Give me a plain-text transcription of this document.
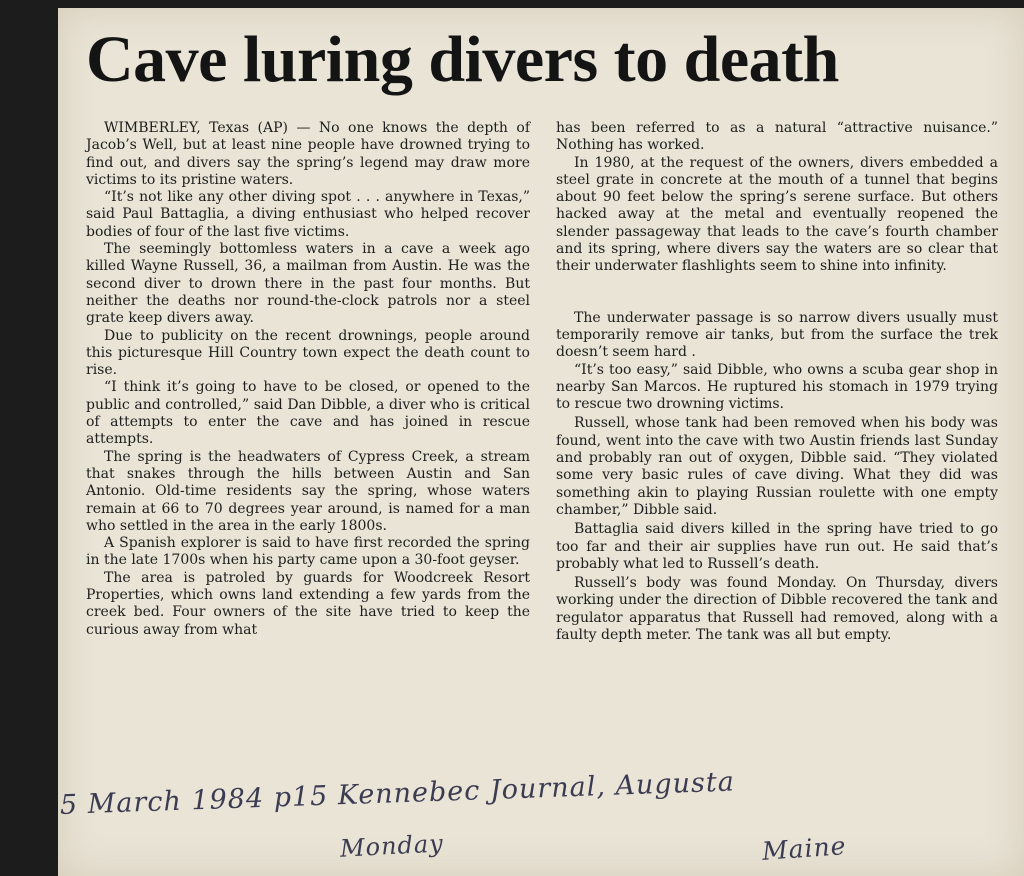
Cave luring divers to death

WIMBERLEY, Texas (AP) — No one knows the depth of Jacob’s Well, but at least nine people have drowned trying to find out, and divers say the spring’s legend may draw more victims to its pristine waters.

“It’s not like any other diving spot . . . anywhere in Texas,” said Paul Battaglia, a diving enthusiast who helped recover bodies of four of the last five victims.

The seemingly bottomless waters in a cave a week ago killed Wayne Russell, 36, a mailman from Austin. He was the second diver to drown there in the past four months. But neither the deaths nor round-the-clock patrols nor a steel grate keep divers away.

Due to publicity on the recent drownings, people around this picturesque Hill Country town expect the death count to rise.

“I think it’s going to have to be closed, or opened to the public and controlled,” said Dan Dibble, a diver who is critical of attempts to enter the cave and has joined in rescue attempts.

The spring is the headwaters of Cypress Creek, a stream that snakes through the hills between Austin and San Antonio. Old-time residents say the spring, whose waters remain at 66 to 70 degrees year around, is named for a man who settled in the area in the early 1800s.

A Spanish explorer is said to have first recorded the spring in the late 1700s when his party came upon a 30-foot geyser.

The area is patroled by guards for Woodcreek Resort Properties, which owns land extending a few yards from the creek bed. Four owners of the site have tried to keep the curious away from what

has been referred to as a natural “attractive nuisance.” Nothing has worked.

In 1980, at the request of the owners, divers embedded a steel grate in concrete at the mouth of a tunnel that begins about 90 feet below the spring’s serene surface. But others hacked away at the metal and eventually reopened the slender passageway that leads to the cave’s fourth chamber and its spring, where divers say the waters are so clear that their underwater flashlights seem to shine into infinity.

The underwater passage is so narrow divers usually must temporarily remove air tanks, but from the surface the trek doesn’t seem hard .

“It’s too easy,” said Dibble, who owns a scuba gear shop in nearby San Marcos. He ruptured his stomach in 1979 trying to rescue two drowning victims.

Russell, whose tank had been removed when his body was found, went into the cave with two Austin friends last Sunday and probably ran out of oxygen, Dibble said. “They violated some very basic rules of cave diving. What they did was something akin to playing Russian roulette with one empty chamber,” Dibble said.

Battaglia said divers killed in the spring have tried to go too far and their air supplies have run out. He said that’s probably what led to Russell’s death.

Russell’s body was found Monday. On Thursday, divers working under the direction of Dibble recovered the tank and regulator apparatus that Russell had removed, along with a faulty depth meter. The tank was all but empty.

5 March 1984 p15 Kennebec Journal, Augusta
Monday	Maine
